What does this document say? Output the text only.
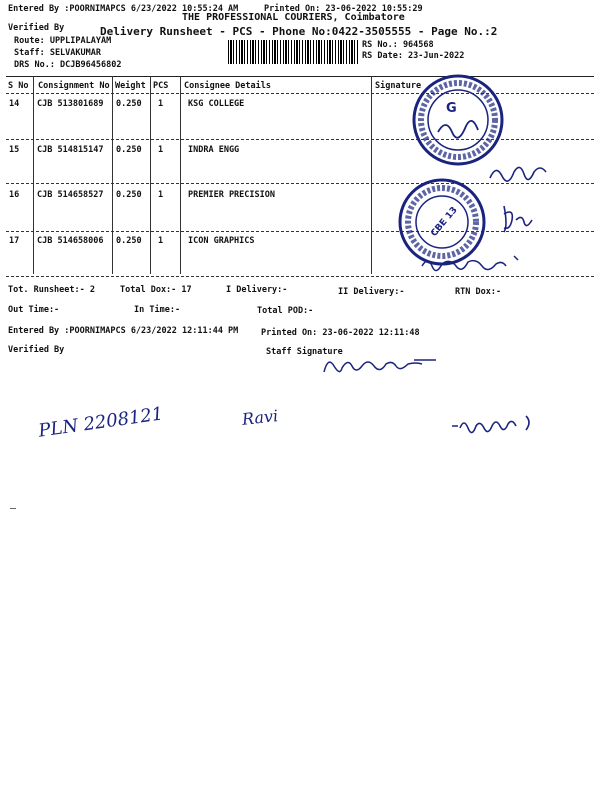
Entered By :POORNIMAPCS 6/23/2022 10:55:24 AM	Printed On: 23-06-2022 10:55:29
THE PROFESSIONAL COURIERS, Coimbatore
Verified By	Delivery Runsheet - PCS - Phone No:0422-3505555 - Page No.:2
Route: UPPLIPALAYAM
Staff: SELVAKUMAR
DRS No.: DCJB96456802
RS No.: 964568
RS Date: 23-Jun-2022
S No Consignment No Weight PCS Consignee Details	Signature
14 CJB 513801689 0.250 1	KSG COLLEGE
15 CJB 514815147 0.250 1	INDRA ENGG
16 CJB 514658527 0.250 1	PREMIER PRECISION
17 CJB 514658006 0.250 1	ICON GRAPHICS
G
CBE 13
Tot. Runsheet:- 2	Total Dox:- 17	I Delivery:-	II Delivery:-	RTN Dox:-
Out Time:-	In Time:-	Total POD:-
Entered By :POORNIMAPCS 6/23/2022 12:11:44 PM	Printed On: 23-06-2022 12:11:48
Verified By	Staff Signature
PLN 2208121	Ravi
